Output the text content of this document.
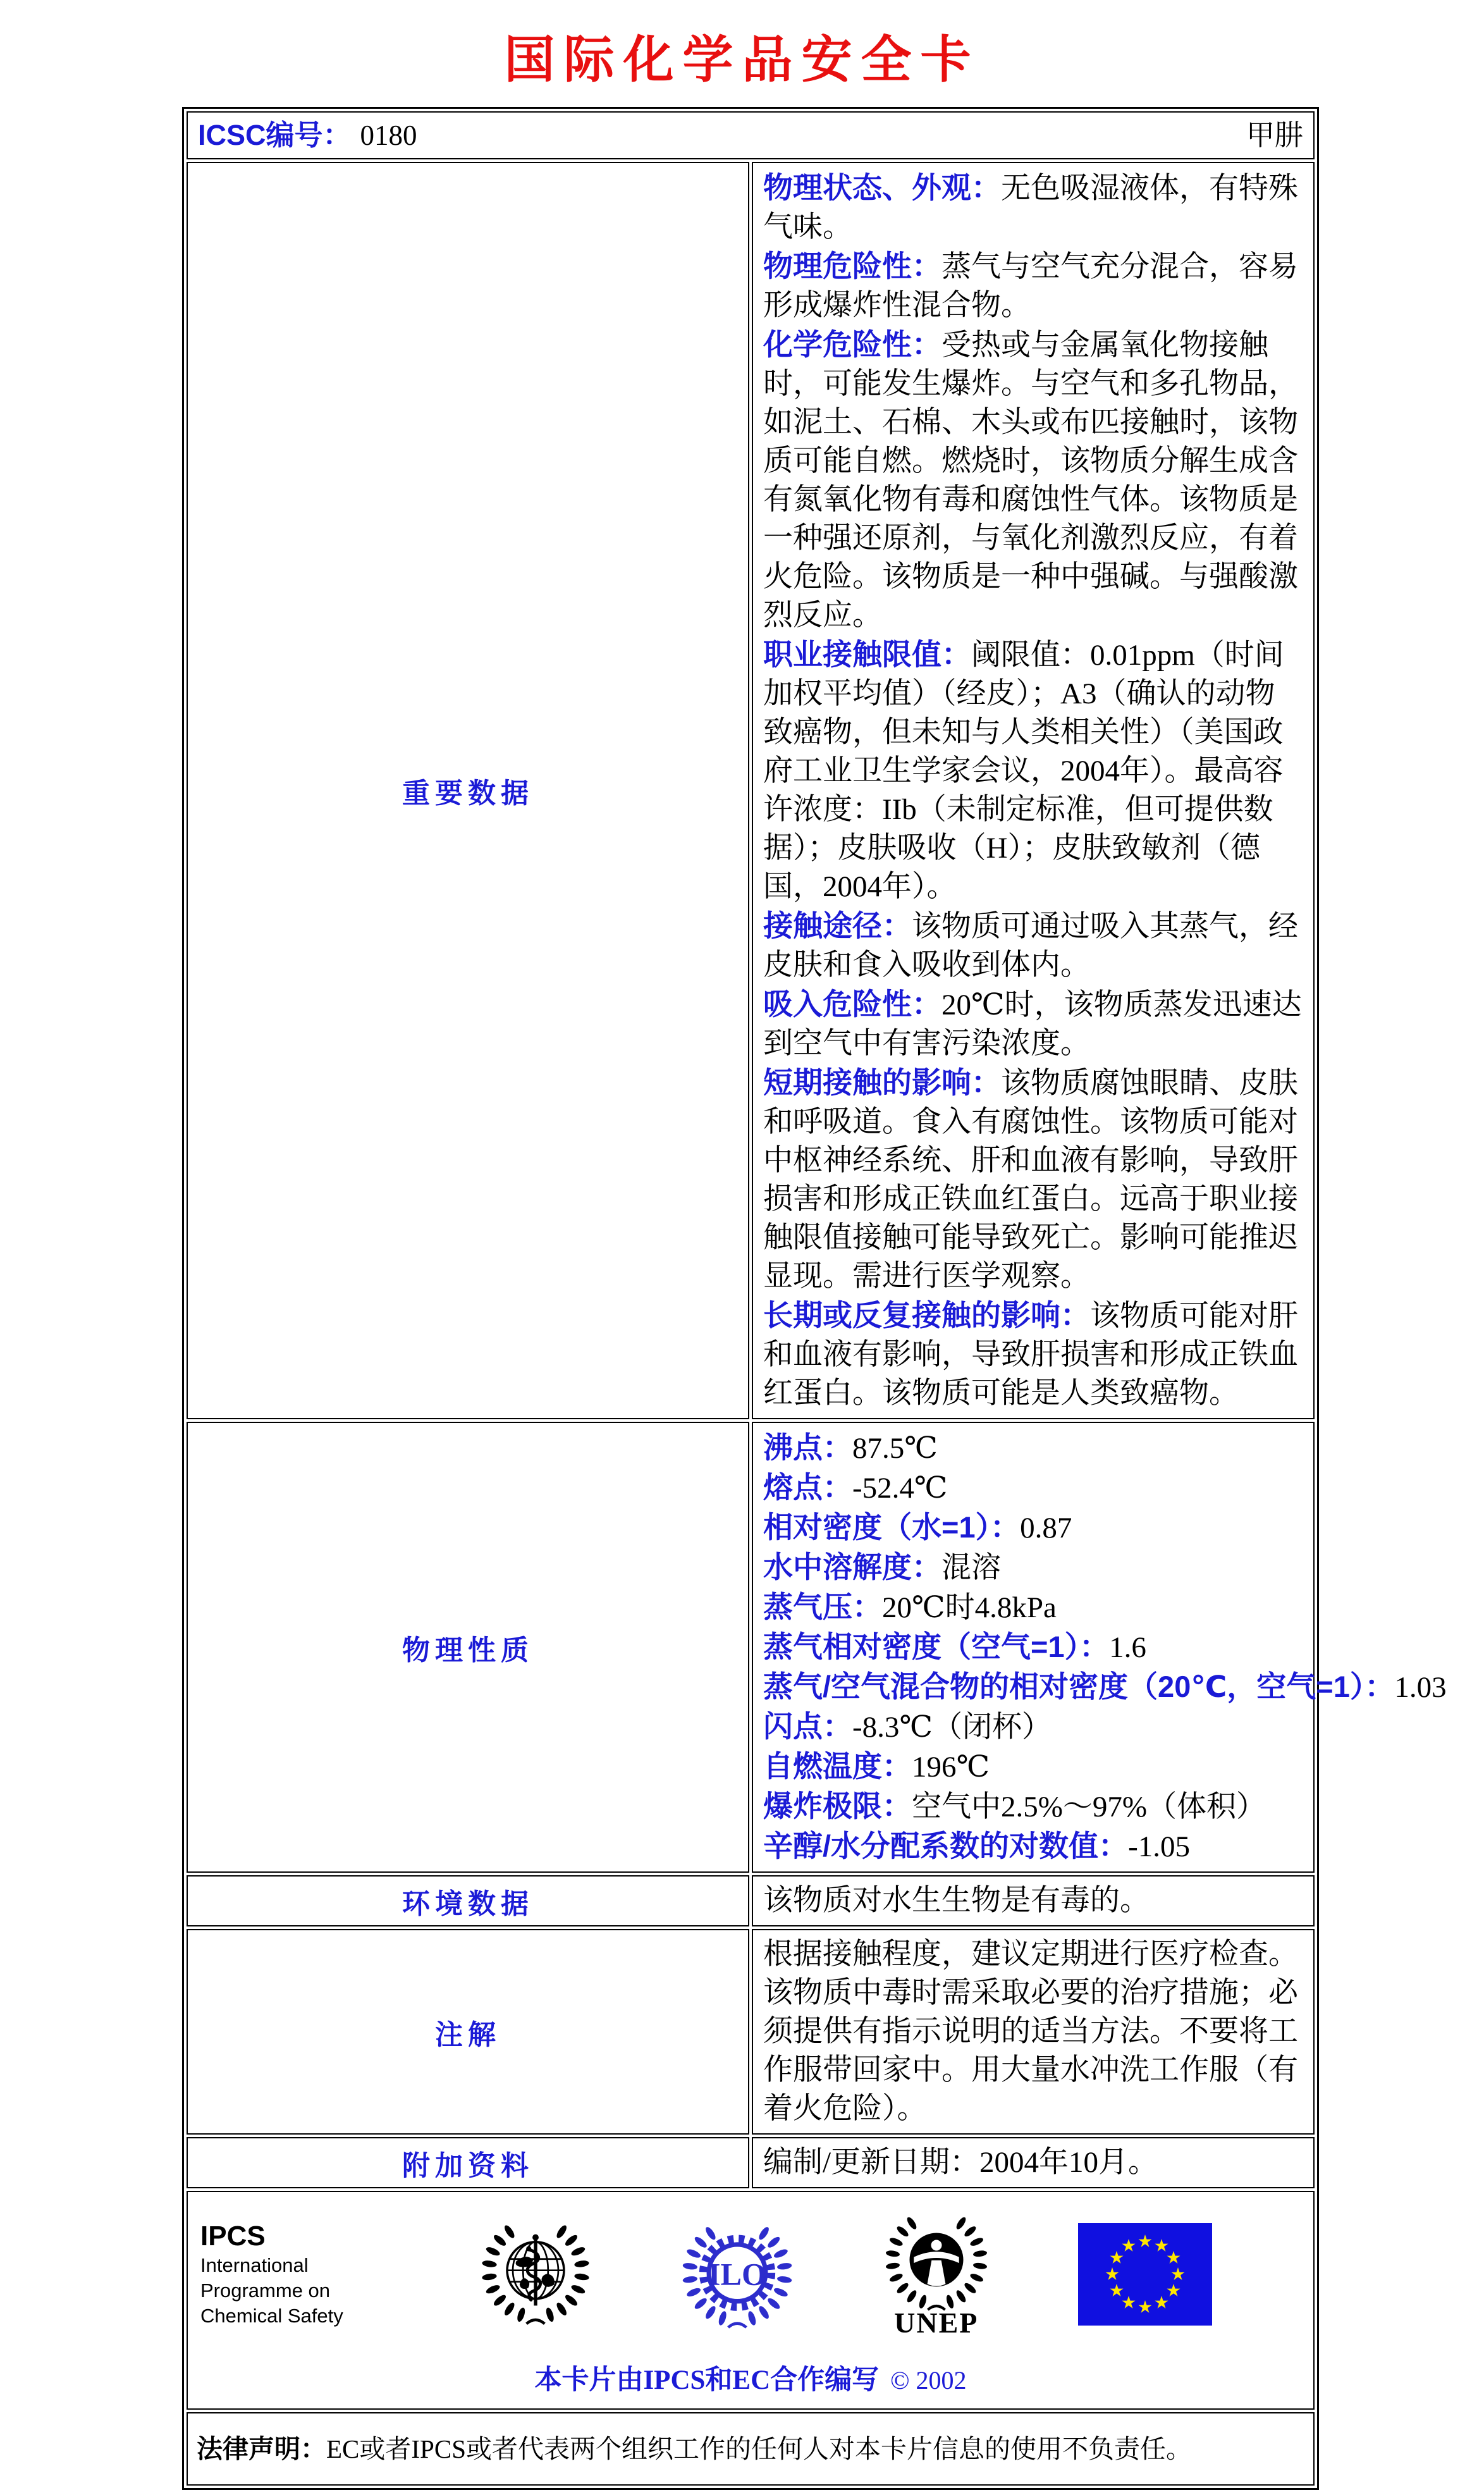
国际化学品安全卡
ICSC编号： 0180 甲肼	

重要数据	
物理状态、外观：无色吸湿液体，有特殊气味。
物理危险性：蒸气与空气充分混合，容易形成爆炸性混合物。
化学危险性：受热或与金属氧化物接触时，可能发生爆炸。与空气和多孔物品，如泥土、石棉、木头或布匹接触时，该物质可能自燃。燃烧时，该物质分解生成含有氮氧化物有毒和腐蚀性气体。该物质是一种强还原剂，与氧化剂激烈反应，有着火危险。该物质是一种中强碱。与强酸激烈反应。
职业接触限值：阈限值：0.01ppm（时间加权平均值）（经皮）；A3（确认的动物致癌物，但未知与人类相关性）（美国政府工业卫生学家会议，2004年）。最高容许浓度：IIb（未制定标准，但可提供数据）；皮肤吸收（H）；皮肤致敏剂（德国，2004年）。
接触途径：该物质可通过吸入其蒸气，经皮肤和食入吸收到体内。
吸入危险性：20℃时，该物质蒸发迅速达到空气中有害污染浓度。
短期接触的影响：该物质腐蚀眼睛、皮肤和呼吸道。食入有腐蚀性。该物质可能对中枢神经系统、肝和血液有影响，导致肝损害和形成正铁血红蛋白。远高于职业接触限值接触可能导致死亡。影响可能推迟显现。需进行医学观察。
长期或反复接触的影响：该物质可能对肝和血液有影响，导致肝损害和形成正铁血红蛋白。该物质可能是人类致癌物。

物理性质	
沸点：87.5℃
熔点：-52.4℃
相对密度（水=1）：0.87
水中溶解度：混溶
蒸气压：20℃时4.8kPa
蒸气相对密度（空气=1）：1.6
蒸气/空气混合物的相对密度（20℃，空气=1）：1.03
闪点：-8.3℃（闭杯）
自燃温度：196℃
爆炸极限：空气中2.5%～97%（体积）
辛醇/水分配系数的对数值：-1.05

环境数据	该物质对水生生物是有毒的。
注解	根据接触程度，建议定期进行医疗检查。该物质中毒时需采取必要的治疗措施；必须提供有指示说明的适当方法。不要将工作服带回家中。用大量水冲洗工作服（有着火危险）。
附加资料	编制/更新日期：2004年10月。

IPCS
International
Programme on
Chemical Safety
ILO
UNEP
本卡片由IPCS和EC合作编写 © 2002

法律声明：EC或者IPCS或者代表两个组织工作的任何人对本卡片信息的使用不负责任。	
